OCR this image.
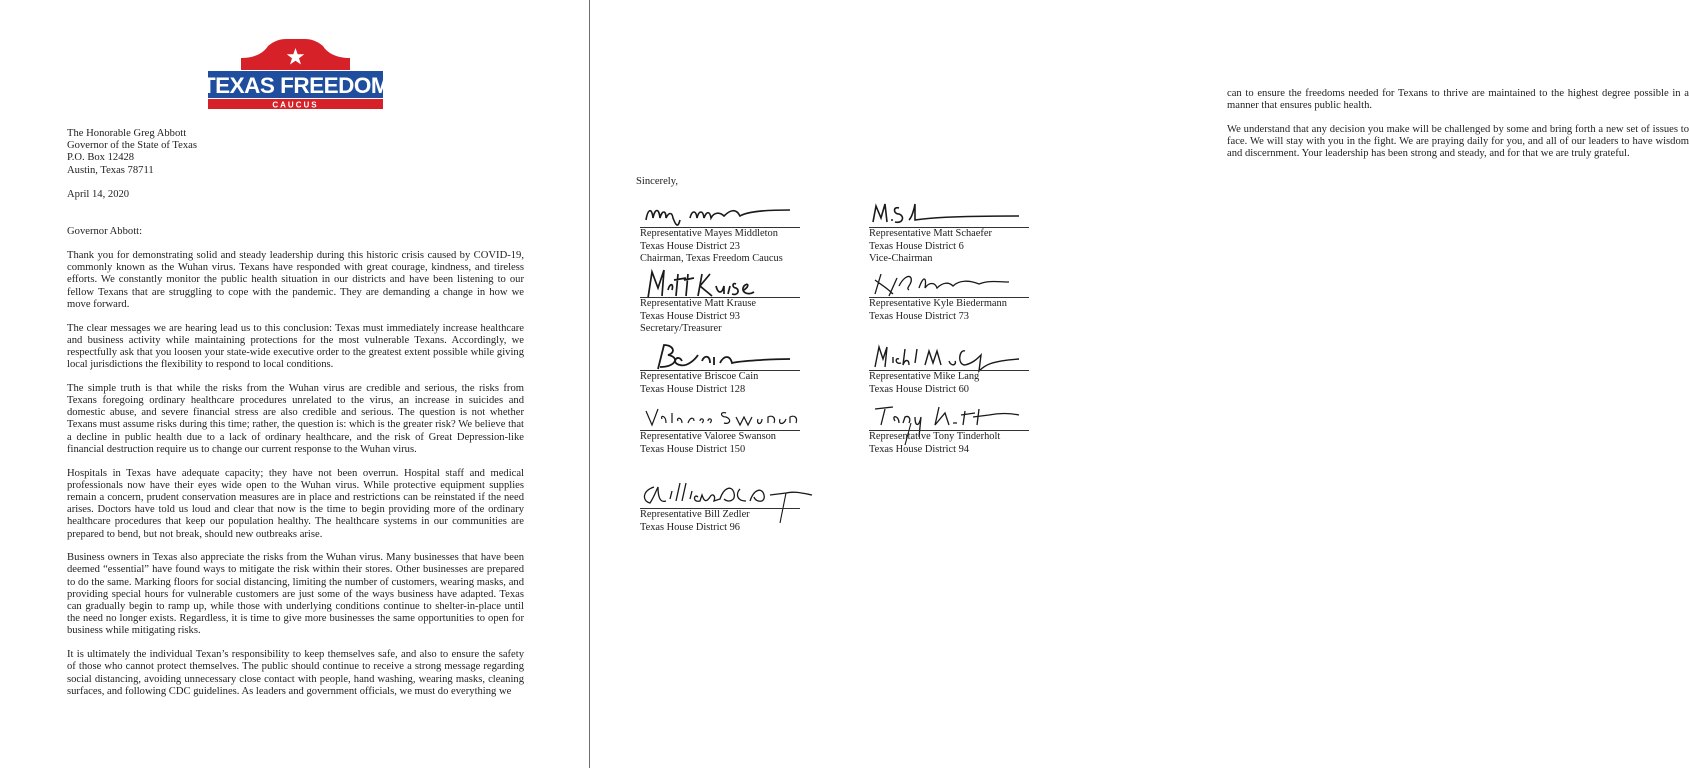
TEXAS FREEDOM
CAUCUS
The Honorable Greg Abbott
Governor of the State of Texas
P.O. Box 12428
Austin, Texas 78711
April 14, 2020
Governor Abbott:

Thank you for demonstrating solid and steady leadership during this historic crisis caused by COVID-19, commonly known as the Wuhan virus. Texans have responded with great courage, kindness, and tireless efforts. We constantly monitor the public health situation in our districts and have been listening to our fellow Texans that are struggling to cope with the pandemic. They are demanding a change in how we move forward.

The clear messages we are hearing lead us to this conclusion: Texas must immediately increase healthcare and business activity while maintaining protections for the most vulnerable Texans. Accordingly, we respectfully ask that you loosen your state-wide executive order to the greatest extent possible while giving local jurisdictions the flexibility to respond to local conditions.

The simple truth is that while the risks from the Wuhan virus are credible and serious, the risks from Texans foregoing ordinary healthcare procedures unrelated to the virus, an increase in suicides and domestic abuse, and severe financial stress are also credible and serious. The question is not whether Texans must assume risks during this time; rather, the question is: which is the greater risk? We believe that a decline in public health due to a lack of ordinary healthcare, and the risk of Great Depression-like financial destruction require us to change our current response to the Wuhan virus.

Hospitals in Texas have adequate capacity; they have not been overrun. Hospital staff and medical professionals now have their eyes wide open to the Wuhan virus. While protective equipment supplies remain a concern, prudent conservation measures are in place and restrictions can be reinstated if the need arises. Doctors have told us loud and clear that now is the time to begin providing more of the ordinary healthcare procedures that keep our population healthy. The healthcare systems in our communities are prepared to bend, but not break, should new outbreaks arise.

Business owners in Texas also appreciate the risks from the Wuhan virus. Many businesses that have been deemed “essential” have found ways to mitigate the risk within their stores. Other businesses are prepared to do the same. Marking floors for social distancing, limiting the number of customers, wearing masks, and providing special hours for vulnerable customers are just some of the ways business have adapted. Texas can gradually begin to ramp up, while those with underlying conditions continue to shelter-in-place until the need no longer exists. Regardless, it is time to give more businesses the same opportunities to open for business while mitigating risks.

It is ultimately the individual Texan’s responsibility to keep themselves safe, and also to ensure the safety of those who cannot protect themselves. The public should continue to receive a strong message regarding social distancing, avoiding unnecessary close contact with people, hand washing, wearing masks, cleaning surfaces, and following CDC guidelines. As leaders and government officials, we must do everything we

can to ensure the freedoms needed for Texans to thrive are maintained to the highest degree possible in a manner that ensures public health.

We understand that any decision you make will be challenged by some and bring forth a new set of issues to face. We will stay with you in the fight. We are praying daily for you, and all of our leaders to have wisdom and discernment. Your leadership has been strong and steady, and for that we are truly grateful.

Sincerely,
Representative Mayes Middleton
Texas House District 23
Chairman, Texas Freedom Caucus
Representative Matt Schaefer
Texas House District 6
Vice-Chairman
Representative Matt Krause
Texas House District 93
Secretary/Treasurer
Representative Kyle Biedermann
Texas House District 73
Representative Briscoe Cain
Texas House District 128
Representative Mike Lang
Texas House District 60
Representative Valoree Swanson
Texas House District 150
Representative Tony Tinderholt
Texas House District 94
Representative Bill Zedler
Texas House District 96
